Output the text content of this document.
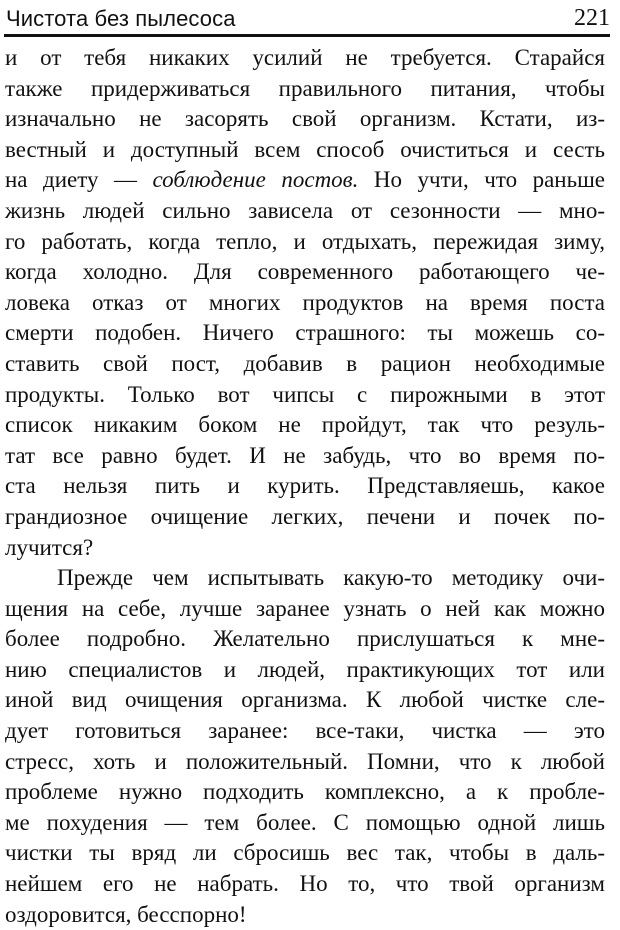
Чистота без пылесоса	221
и от тебя никаких усилий не требуется. Старайся
также придерживаться правильного питания, чтобы
изначально не засорять свой организм. Кстати, из-
вестный и доступный всем способ очиститься и сесть
на диету — соблюдение постов. Но учти, что раньше
жизнь людей сильно зависела от сезонности — мно-
го работать, когда тепло, и отдыхать, пережидая зиму,
когда холодно. Для современного работающего че-
ловека отказ от многих продуктов на время поста
смерти подобен. Ничего страшного: ты можешь со-
ставить свой пост, добавив в рацион необходимые
продукты. Только вот чипсы с пирожными в этот
список никаким боком не пройдут, так что резуль-
тат все равно будет. И не забудь, что во время по-
ста нельзя пить и курить. Представляешь, какое
грандиозное очищение легких, печени и почек по-
лучится?
Прежде чем испытывать какую-то методику очи-
щения на себе, лучше заранее узнать о ней как можно
более подробно. Желательно прислушаться к мне-
нию специалистов и людей, практикующих тот или
иной вид очищения организма. К любой чистке сле-
дует готовиться заранее: все-таки, чистка — это
стресс, хоть и положительный. Помни, что к любой
проблеме нужно подходить комплексно, а к пробле-
ме похудения — тем более. С помощью одной лишь
чистки ты вряд ли сбросишь вес так, чтобы в даль-
нейшем его не набрать. Но то, что твой организм
оздоровится, бесспорно!
